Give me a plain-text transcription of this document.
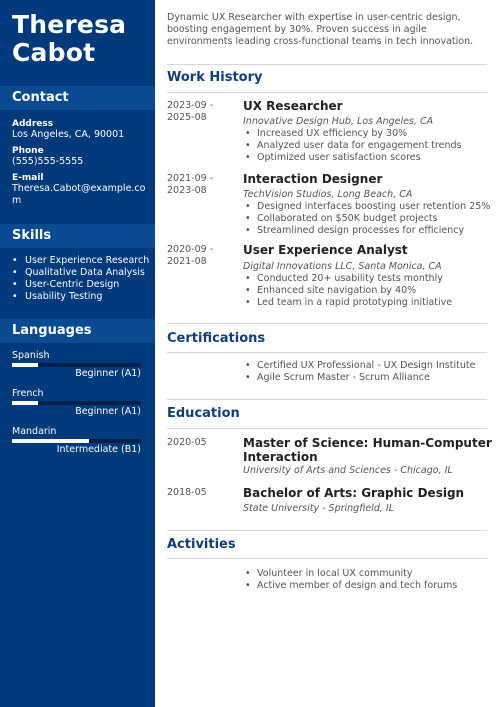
Theresa
Cabot
Contact
Address
Los Angeles, CA, 90001
Phone
(555)555-5555
E-mail
Theresa.Cabot@example.com
Skills
• User Experience Research
• Qualitative Data Analysis
• User-Centric Design
• Usability Testing
Languages
Spanish
Beginner (A1)
French
Beginner (A1)
Mandarin
Intermediate (B1)
Dynamic UX Researcher with expertise in user-centric design, boosting engagement by 30%. Proven success in agile environments leading cross-functional teams in tech innovation.
Work History
2023-09 -
2025-08
UX Researcher
Innovative Design Hub, Los Angeles, CA
• Increased UX efficiency by 30%
• Analyzed user data for engagement trends
• Optimized user satisfaction scores
2021-09 -
2023-08
Interaction Designer
TechVision Studios, Long Beach, CA
• Designed interfaces boosting user retention 25%
• Collaborated on $50K budget projects
• Streamlined design processes for efficiency
2020-09 -
2021-08
User Experience Analyst
Digital Innovations LLC, Santa Monica, CA
• Conducted 20+ usability tests monthly
• Enhanced site navigation by 40%
• Led team in a rapid prototyping initiative
Certifications
• Certified UX Professional - UX Design Institute
• Agile Scrum Master - Scrum Alliance
Education
2020-05	Master of Science: Human-Computer Interaction
University of Arts and Sciences - Chicago, IL
2018-05	Bachelor of Arts: Graphic Design
State University - Springfield, IL
Activities
• Volunteer in local UX community
• Active member of design and tech forums
